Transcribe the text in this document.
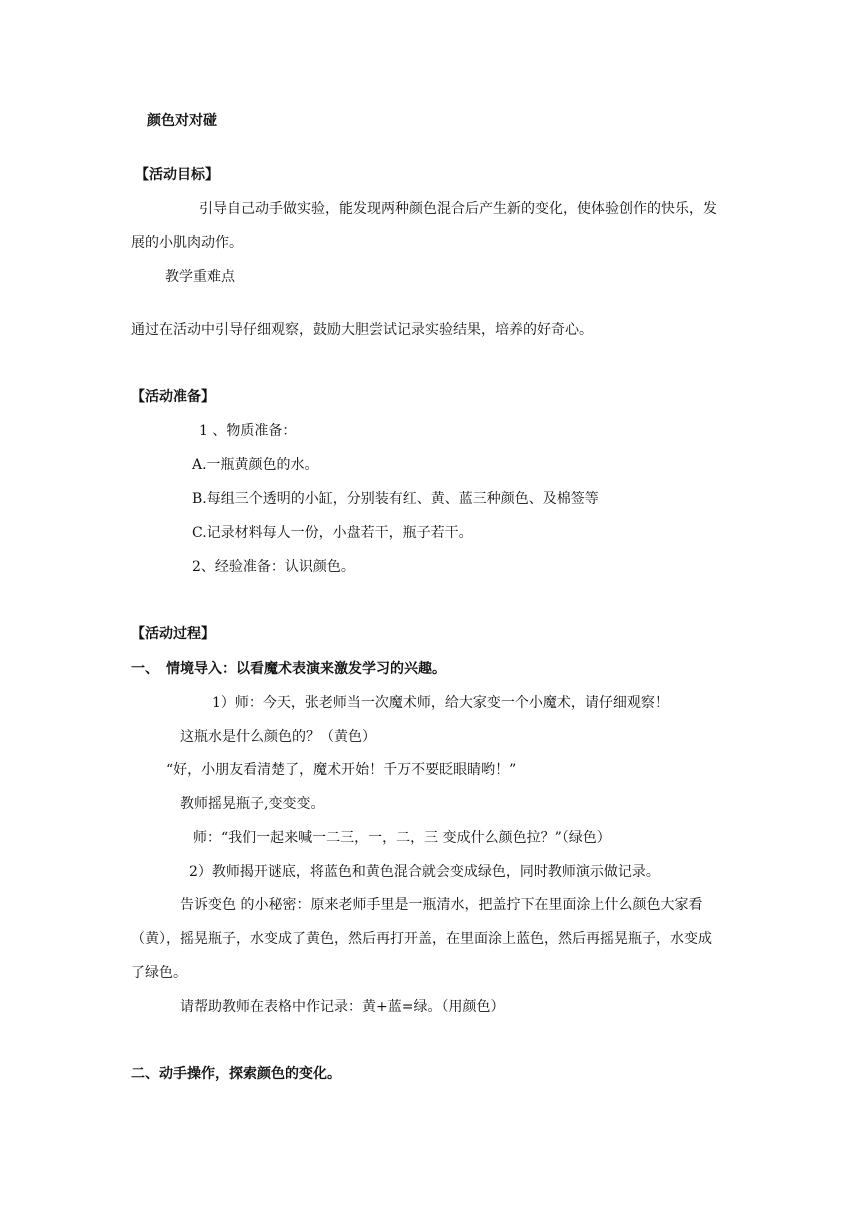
颜色对对碰
【活动目标】
引导自己动手做实验，能发现两种颜色混合后产生新的变化，使体验创作的快乐，发
展的小肌肉动作。
教学重难点
通过在活动中引导仔细观察，鼓励大胆尝试记录实验结果，培养的好奇心。
【活动准备】
1 、物质准备：
A.一瓶黄颜色的水。
B.每组三个透明的小缸，分别装有红、黄、蓝三种颜色、及棉签等
C.记录材料每人一份，小盘若干，瓶子若干。
2、经验准备：认识颜色。
【活动过程】
一、 情境导入：以看魔术表演来激发学习的兴趣。
1）师：今天，张老师当一次魔术师，给大家变一个小魔术，请仔细观察！
这瓶水是什么颜色的？（黄色）
“好，小朋友看清楚了，魔术开始！千万不要眨眼睛哟！”
教师摇晃瓶子,变变变。
师：“我们一起来喊一二三，一，二，三 变成什么颜色拉？”（绿色）
2）教师揭开谜底，将蓝色和黄色混合就会变成绿色，同时教师演示做记录。
告诉变色 的小秘密：原来老师手里是一瓶清水，把盖拧下在里面涂上什么颜色大家看
（黄），摇晃瓶子，水变成了黄色，然后再打开盖，在里面涂上蓝色，然后再摇晃瓶子，水变成
了绿色。
请帮助教师在表格中作记录：黄+蓝=绿。（用颜色）
二、动手操作，探索颜色的变化。
